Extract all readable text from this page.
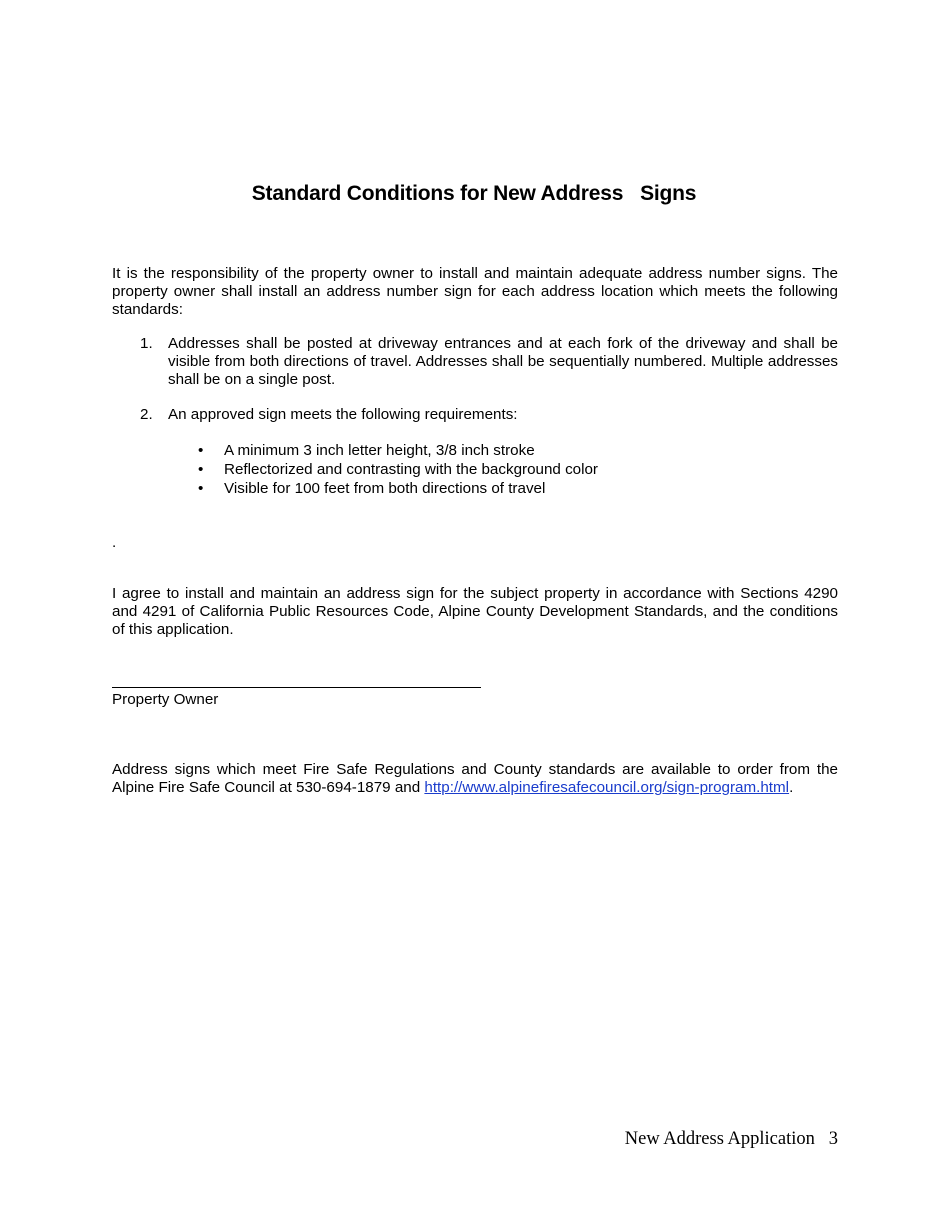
Standard Conditions for New Address   Signs
It is the responsibility of the property owner to install and maintain adequate address number signs. The property owner shall install an address number sign for each address location which meets the following standards:
1. Addresses shall be posted at driveway entrances and at each fork of the driveway and shall be visible from both directions of travel. Addresses shall be sequentially numbered. Multiple addresses shall be on a single post.
2. An approved sign meets the following requirements:
• A minimum 3 inch letter height, 3/8 inch stroke
• Reflectorized and contrasting with the background color
• Visible for 100 feet from both directions of travel
.
I agree to install and maintain an address sign for the subject property in accordance with Sections 4290 and 4291 of California Public Resources Code, Alpine County Development Standards, and the conditions of this application.
Property Owner
Address signs which meet Fire Safe Regulations and County standards are available to order from the Alpine Fire Safe Council at 530-694-1879 and http://www.alpinefiresafecouncil.org/sign-program.html.
New Address Application   3
